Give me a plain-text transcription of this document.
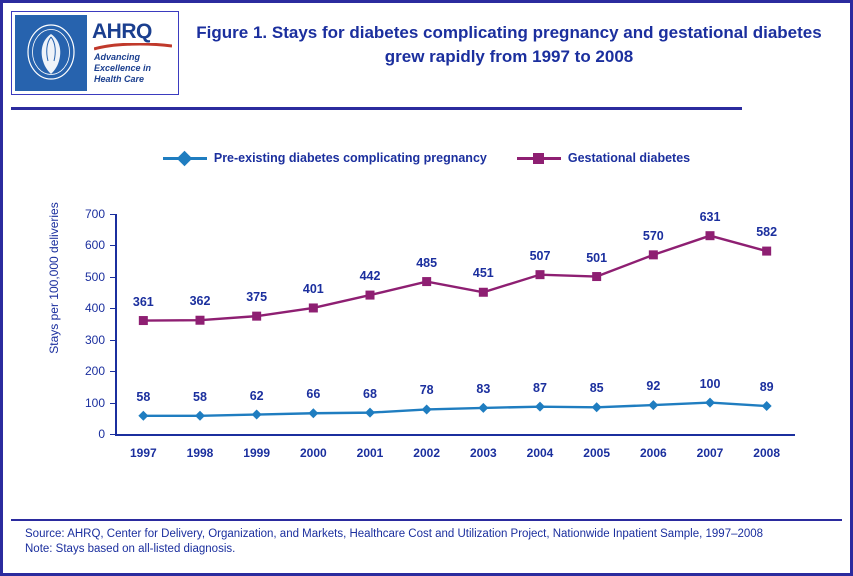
AHRQ
Advancing Excellence in Health Care
Figure 1. Stays for diabetes complicating pregnancy and gestational diabetes grew rapidly from 1997 to 2008
Pre-existing diabetes complicating pregnancy	Gestational diabetes
Stays per 100,000 deliveries
0
100
200
300
400
500
600
700
1997	1998	1999	2000	2001	2002	2003	2004	2005	2006	2007	2008
58	58	62	66	68	78	83	87	85	92	100	89
361	362	375
401
442
485
451
507	501
570
631
582
Source: AHRQ, Center for Delivery, Organization, and Markets, Healthcare Cost and Utilization Project, Nationwide Inpatient Sample, 1997–2008
Note: Stays based on all-listed diagnosis.
